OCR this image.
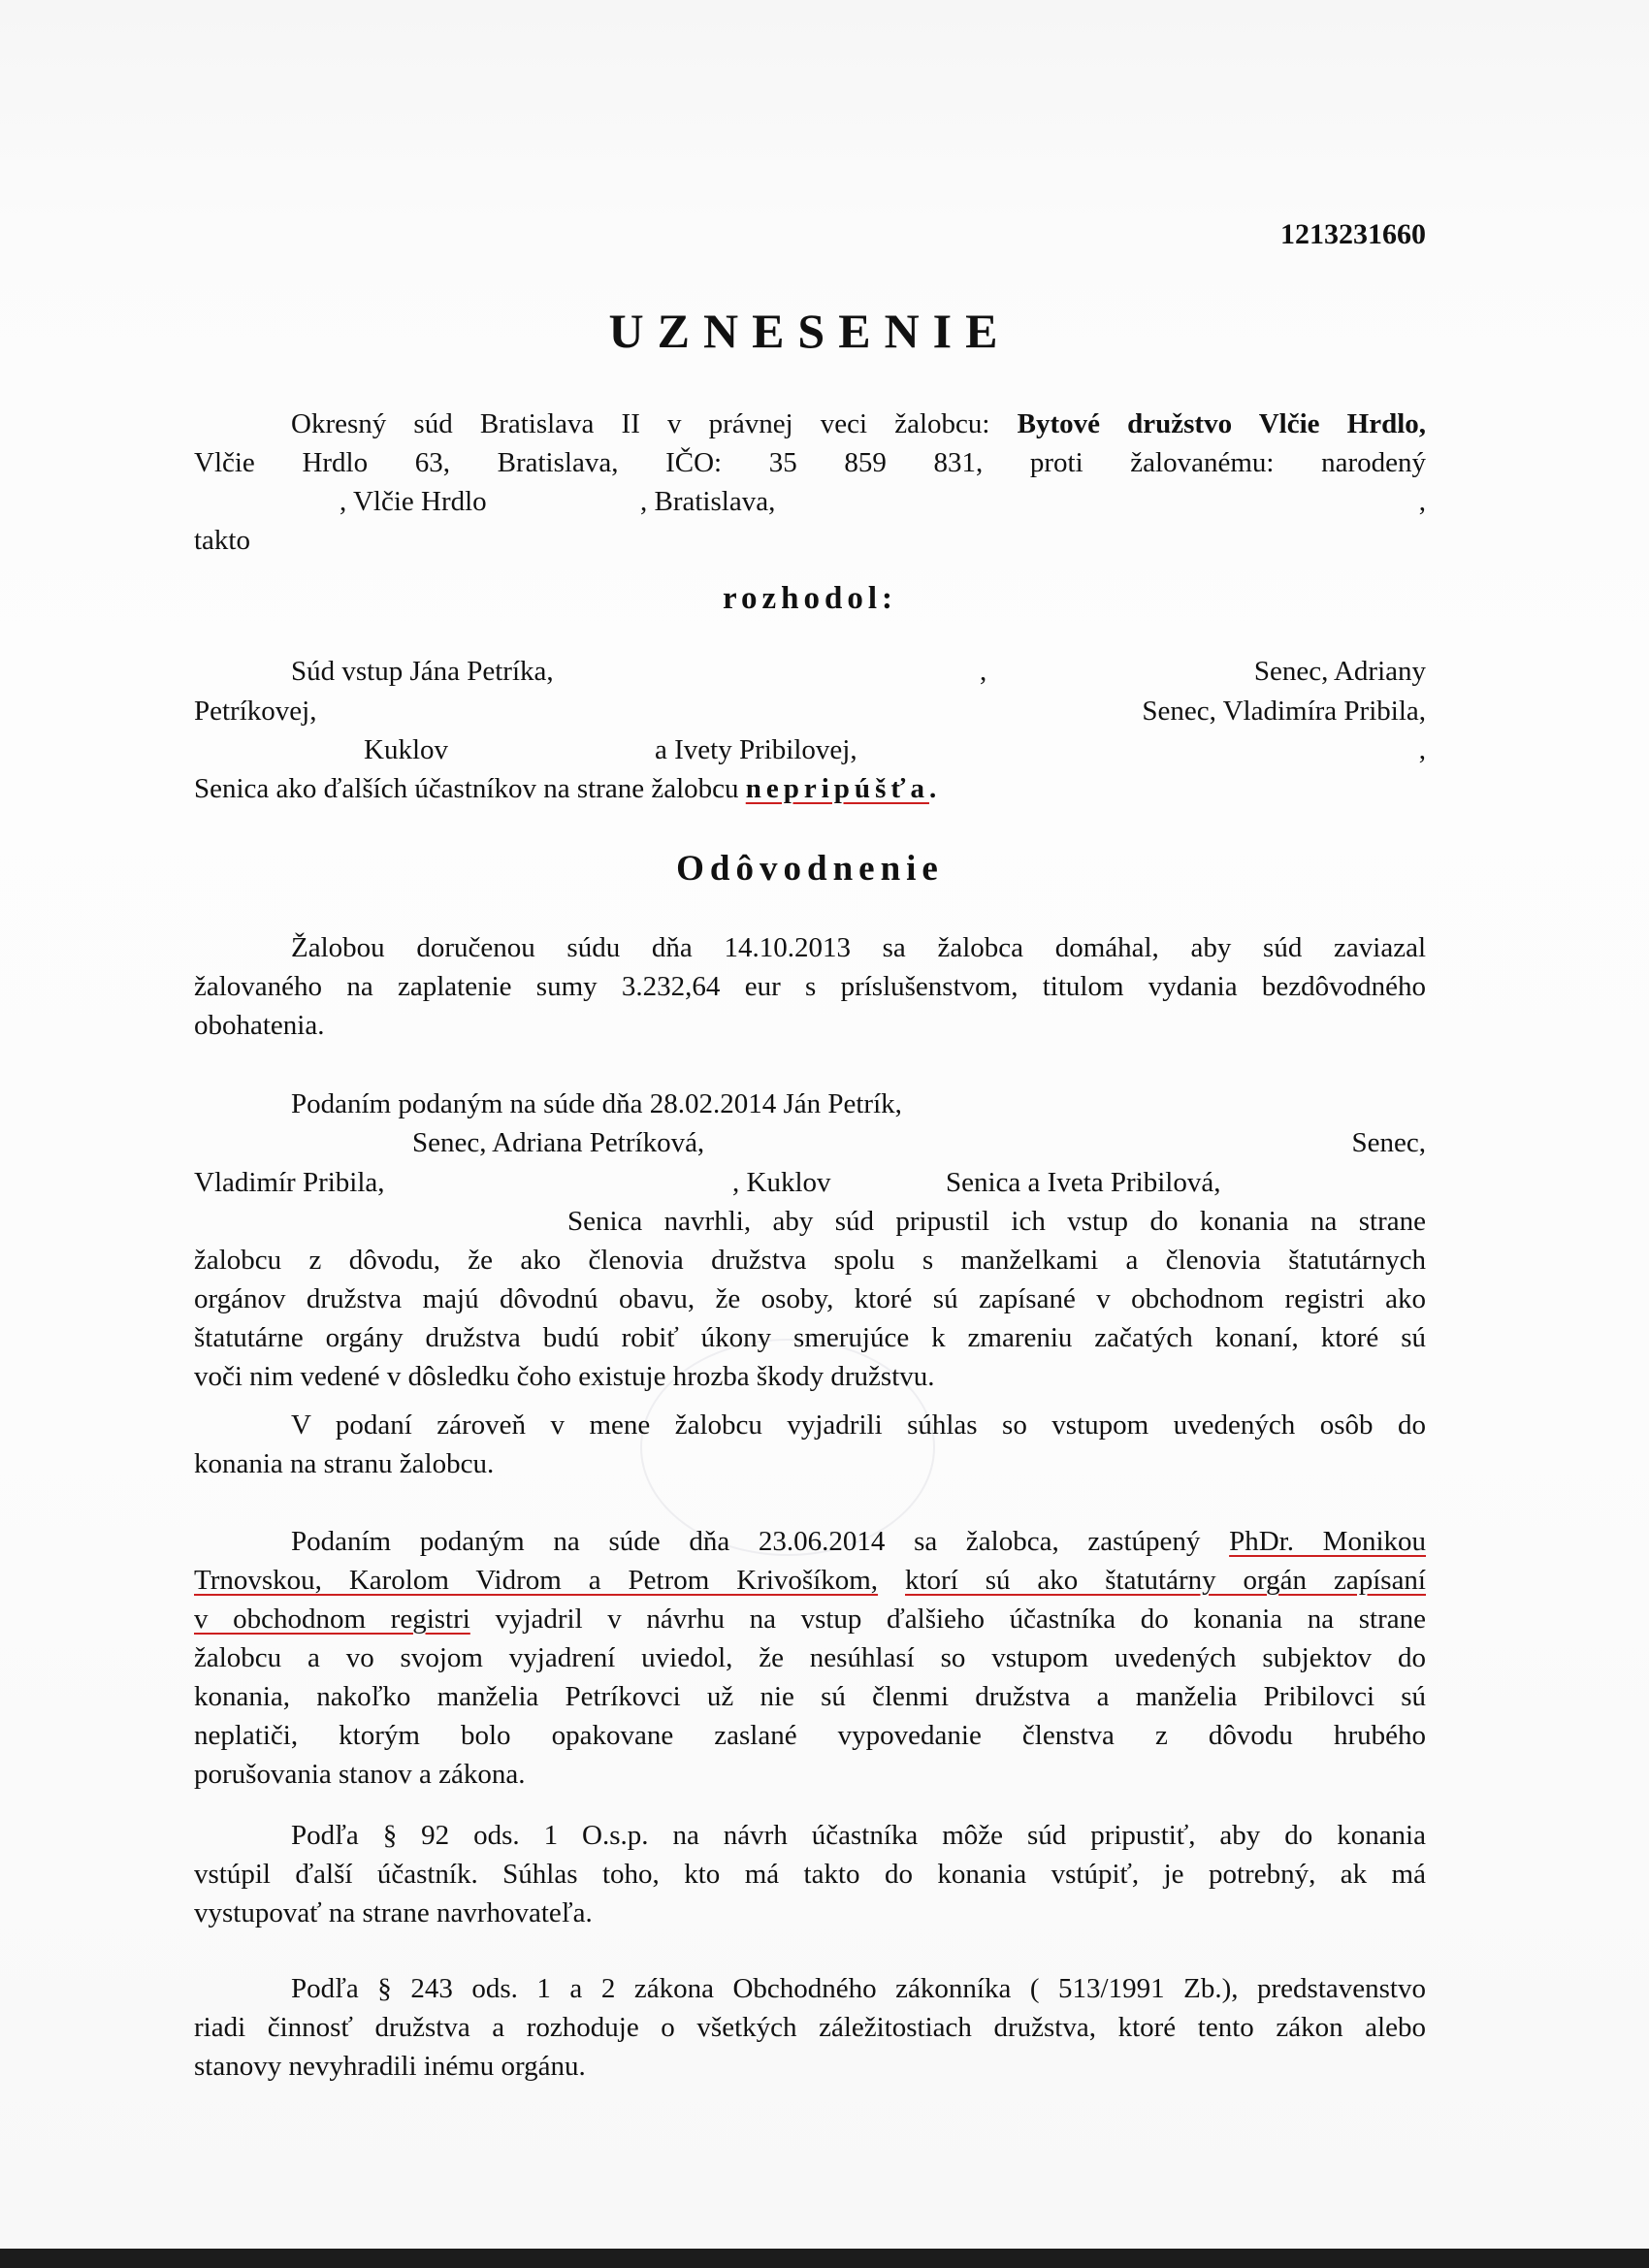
1213231660
UZNESENIE
Okresný súd Bratislava II v právnej veci žalobcu: Bytové družstvo Vlčie Hrdlo,
Vlčie Hrdlo 63, Bratislava, IČO: 35 859 831, proti žalovanému: narodený
, Vlčie Hrdlo	, Bratislava,	,
takto
rozhodol:
Súd vstup Jána Petríka,	,	Senec, Adriany
Petríkovej,	Senec, Vladimíra Pribila,
Kuklov	a Ivety Pribilovej,	,
Senica ako ďalších účastníkov na strane žalobcu nepripúšťa.
Odôvodnenie
Žalobou doručenou súdu dňa 14.10.2013 sa žalobca domáhal, aby súd zaviazal
žalovaného na zaplatenie sumy 3.232,64 eur s príslušenstvom, titulom vydania bezdôvodného
obohatenia.
Podaním podaným na súde dňa 28.02.2014 Ján Petrík,
Senec, Adriana Petríková,	Senec,
Vladimír Pribila,	, Kuklov	Senica a Iveta Pribilová,
Senica navrhli, aby súd pripustil ich vstup do konania na strane
žalobcu z dôvodu, že ako členovia družstva spolu s manželkami a členovia štatutárnych
orgánov družstva majú dôvodnú obavu, že osoby, ktoré sú zapísané v obchodnom registri ako
štatutárne orgány družstva budú robiť úkony smerujúce k zmareniu začatých konaní, ktoré sú
voči nim vedené v dôsledku čoho existuje hrozba škody družstvu.
V podaní zároveň v mene žalobcu vyjadrili súhlas so vstupom uvedených osôb do
konania na stranu žalobcu.
Podaním podaným na súde dňa 23.06.2014 sa žalobca, zastúpený PhDr. Monikou
Trnovskou, Karolom Vidrom a Petrom Krivošíkom, ktorí sú ako štatutárny orgán zapísaní
v obchodnom registri vyjadril v návrhu na vstup ďalšieho účastníka do konania na strane
žalobcu a vo svojom vyjadrení uviedol, že nesúhlasí so vstupom uvedených subjektov do
konania, nakoľko manželia Petríkovci už nie sú členmi družstva a manželia Pribilovci sú
neplatiči, ktorým bolo opakovane zaslané vypovedanie členstva z dôvodu hrubého
porušovania stanov a zákona.
Podľa § 92 ods. 1 O.s.p. na návrh účastníka môže súd pripustiť, aby do konania
vstúpil ďalší účastník. Súhlas toho, kto má takto do konania vstúpiť, je potrebný, ak má
vystupovať na strane navrhovateľa.
Podľa § 243 ods. 1 a 2 zákona Obchodného zákonníka ( 513/1991 Zb.), predstavenstvo
riadi činnosť družstva a rozhoduje o všetkých záležitostiach družstva, ktoré tento zákon alebo
stanovy nevyhradili inému orgánu.
